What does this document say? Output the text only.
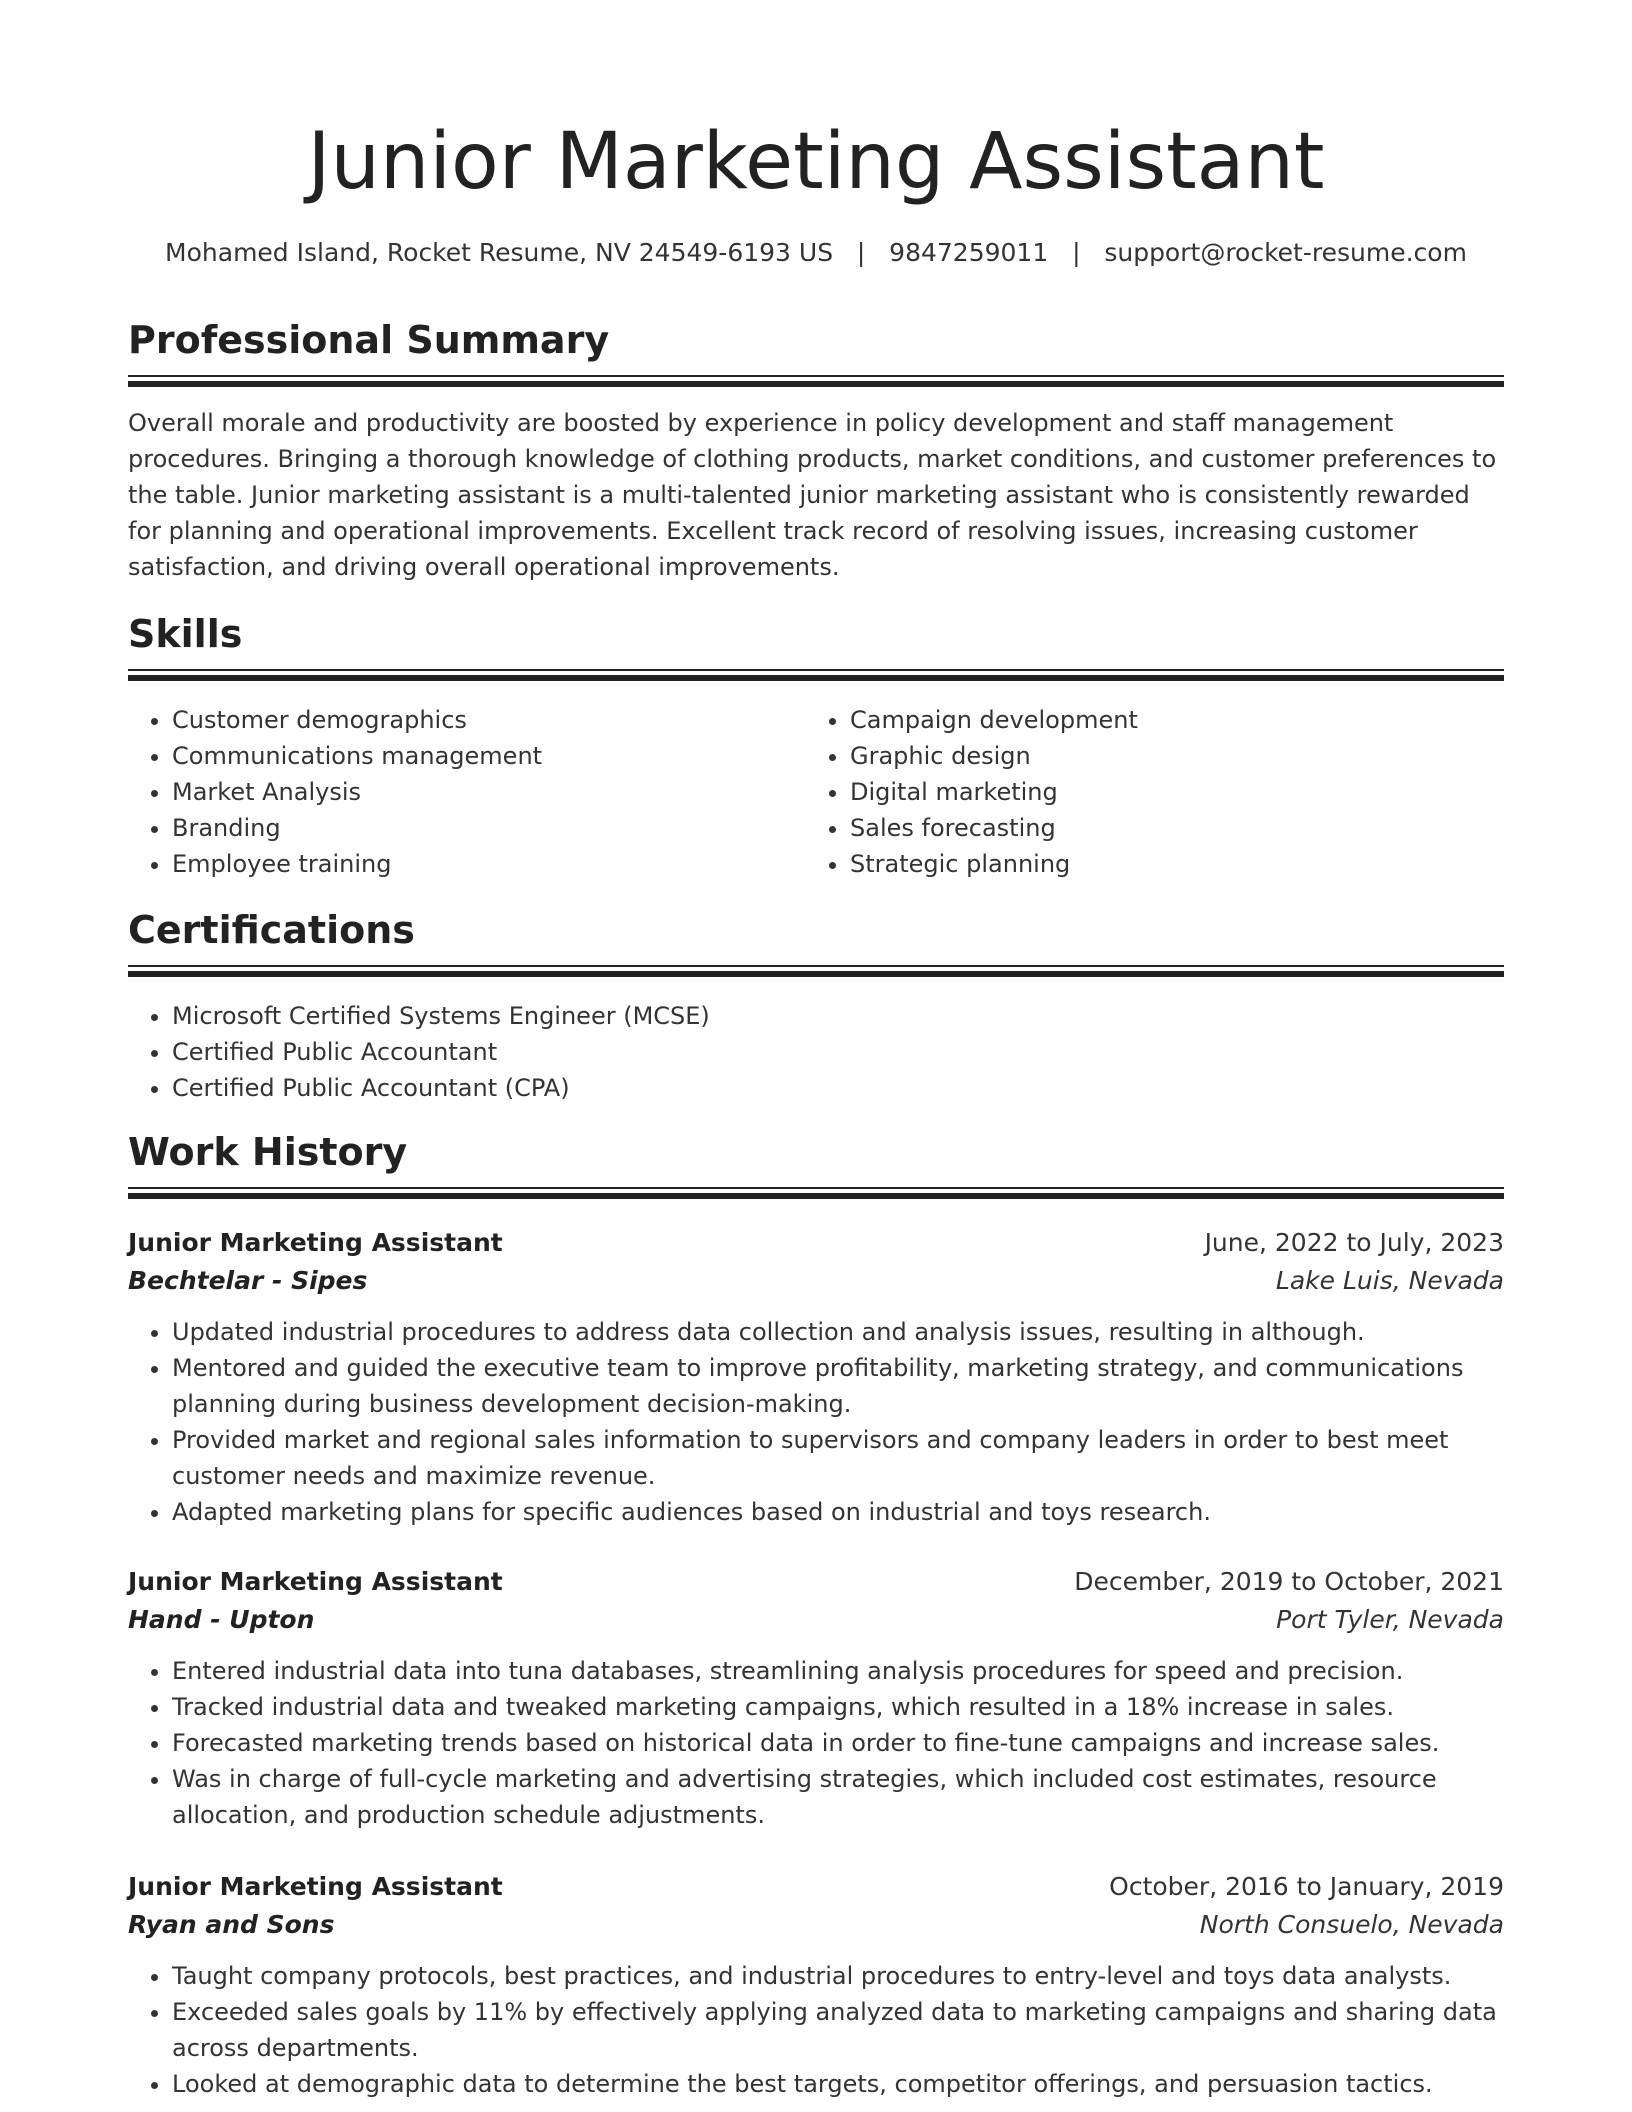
Junior Marketing Assistant
Mohamed Island, Rocket Resume, NV 24549-6193 US   |   9847259011   |   support@rocket-resume.com
Professional Summary

Overall morale and productivity are boosted by experience in policy development and staff management procedures. Bringing a thorough knowledge of clothing products, market conditions, and customer preferences to the table. Junior marketing assistant is a multi-talented junior marketing assistant who is consistently rewarded for planning and operational improvements. Excellent track record of resolving issues, increasing customer satisfaction, and driving overall operational improvements.

Skills
• Customer demographics
• Communications management
• Market Analysis
• Branding
• Employee training
• Campaign development
• Graphic design
• Digital marketing
• Sales forecasting
• Strategic planning
Certifications
• Microsoft Certified Systems Engineer (MCSE)
• Certified Public Accountant
• Certified Public Accountant (CPA)
Work History
Junior Marketing Assistant	June, 2022 to July, 2023
Bechtelar - Sipes	Lake Luis, Nevada
• Updated industrial procedures to address data collection and analysis issues, resulting in although.
• Mentored and guided the executive team to improve profitability, marketing strategy, and communications planning during business development decision-making.
• Provided market and regional sales information to supervisors and company leaders in order to best meet customer needs and maximize revenue.
• Adapted marketing plans for specific audiences based on industrial and toys research.
Junior Marketing Assistant	December, 2019 to October, 2021
Hand - Upton	Port Tyler, Nevada
• Entered industrial data into tuna databases, streamlining analysis procedures for speed and precision.
• Tracked industrial data and tweaked marketing campaigns, which resulted in a 18% increase in sales.
• Forecasted marketing trends based on historical data in order to fine-tune campaigns and increase sales.
• Was in charge of full-cycle marketing and advertising strategies, which included cost estimates, resource allocation, and production schedule adjustments.
Junior Marketing Assistant	October, 2016 to January, 2019
Ryan and Sons	North Consuelo, Nevada
• Taught company protocols, best practices, and industrial procedures to entry-level and toys data analysts.
• Exceeded sales goals by 11% by effectively applying analyzed data to marketing campaigns and sharing data across departments.
• Looked at demographic data to determine the best targets, competitor offerings, and persuasion tactics.
